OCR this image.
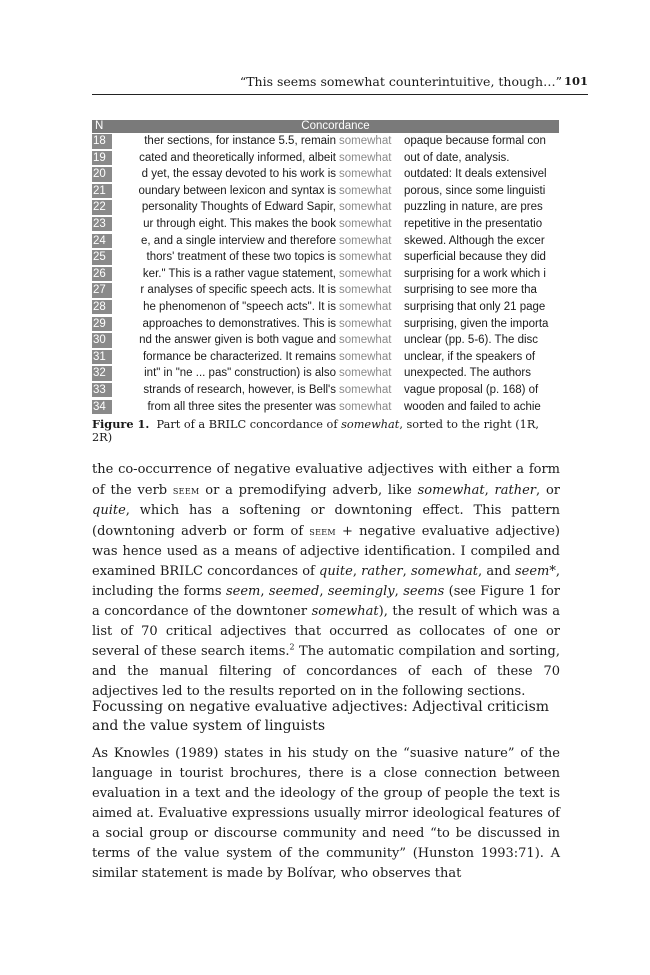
“This seems somewhat counterintuitive, though…” 101
N	Concordance
18	ther sections, for instance 5.5, remain somewhat	opaque because formal con
19	cated and theoretically informed, albeit somewhat	out of date, analysis.
20	d yet, the essay devoted to his work is somewhat	outdated: It deals extensivel
21	oundary between lexicon and syntax is somewhat	porous, since some linguisti
22	personality Thoughts of Edward Sapir, somewhat	puzzling in nature, are pres
23	ur through eight. This makes the book somewhat	repetitive in the presentatio
24	e, and a single interview and therefore somewhat	skewed. Although the excer
25	thors' treatment of these two topics is somewhat	superficial because they did
26	ker." This is a rather vague statement, somewhat	surprising for a work which i
27	r analyses of specific speech acts. It is somewhat	surprising to see more tha
28	he phenomenon of "speech acts". It is somewhat	surprising that only 21 page
29	approaches to demonstratives. This is somewhat	surprising, given the importa
30	nd the answer given is both vague and somewhat	unclear (pp. 5-6). The disc
31	formance be characterized. It remains somewhat	unclear, if the speakers of
32	int" in "ne ... pas" construction) is also somewhat	unexpected. The authors
33	strands of research, however, is Bell's somewhat	vague proposal (p. 168) of
34	from all three sites the presenter was somewhat	wooden and failed to achie
Figure 1. Part of a BRILC concordance of somewhat, sorted to the right (1R, 2R)

the co-occurrence of negative evaluative adjectives with either a form of the verb seem or a premodifying adverb, like somewhat, rather, or quite, which has a softening or downtoning effect. This pattern (downtoning adverb or form of seem + negative evaluative adjective) was hence used as a means of adjective identification. I compiled and examined BRILC concordances of quite, rather, somewhat, and seem*, including the forms seem, seemed, seemingly, seems (see Figure 1 for a concordance of the downtoner somewhat), the result of which was a list of 70 critical adjectives that occurred as collocates of one or several of these search items.$^2$ The automatic compilation and sorting, and the manual filtering of concordances of each of these 70 adjectives led to the results reported on in the following sections.

Focussing on negative evaluative adjectives: Adjectival criticism
and the value system of linguists

As Knowles (1989) states in his study on the “suasive nature” of the language in tourist brochures, there is a close connection between evaluation in a text and the ideology of the group of people the text is aimed at. Evaluative expressions usually mirror ideological features of a social group or discourse community and need “to be discussed in terms of the value system of the community” (Hunston 1993:71). A similar statement is made by Bolívar, who observes that
